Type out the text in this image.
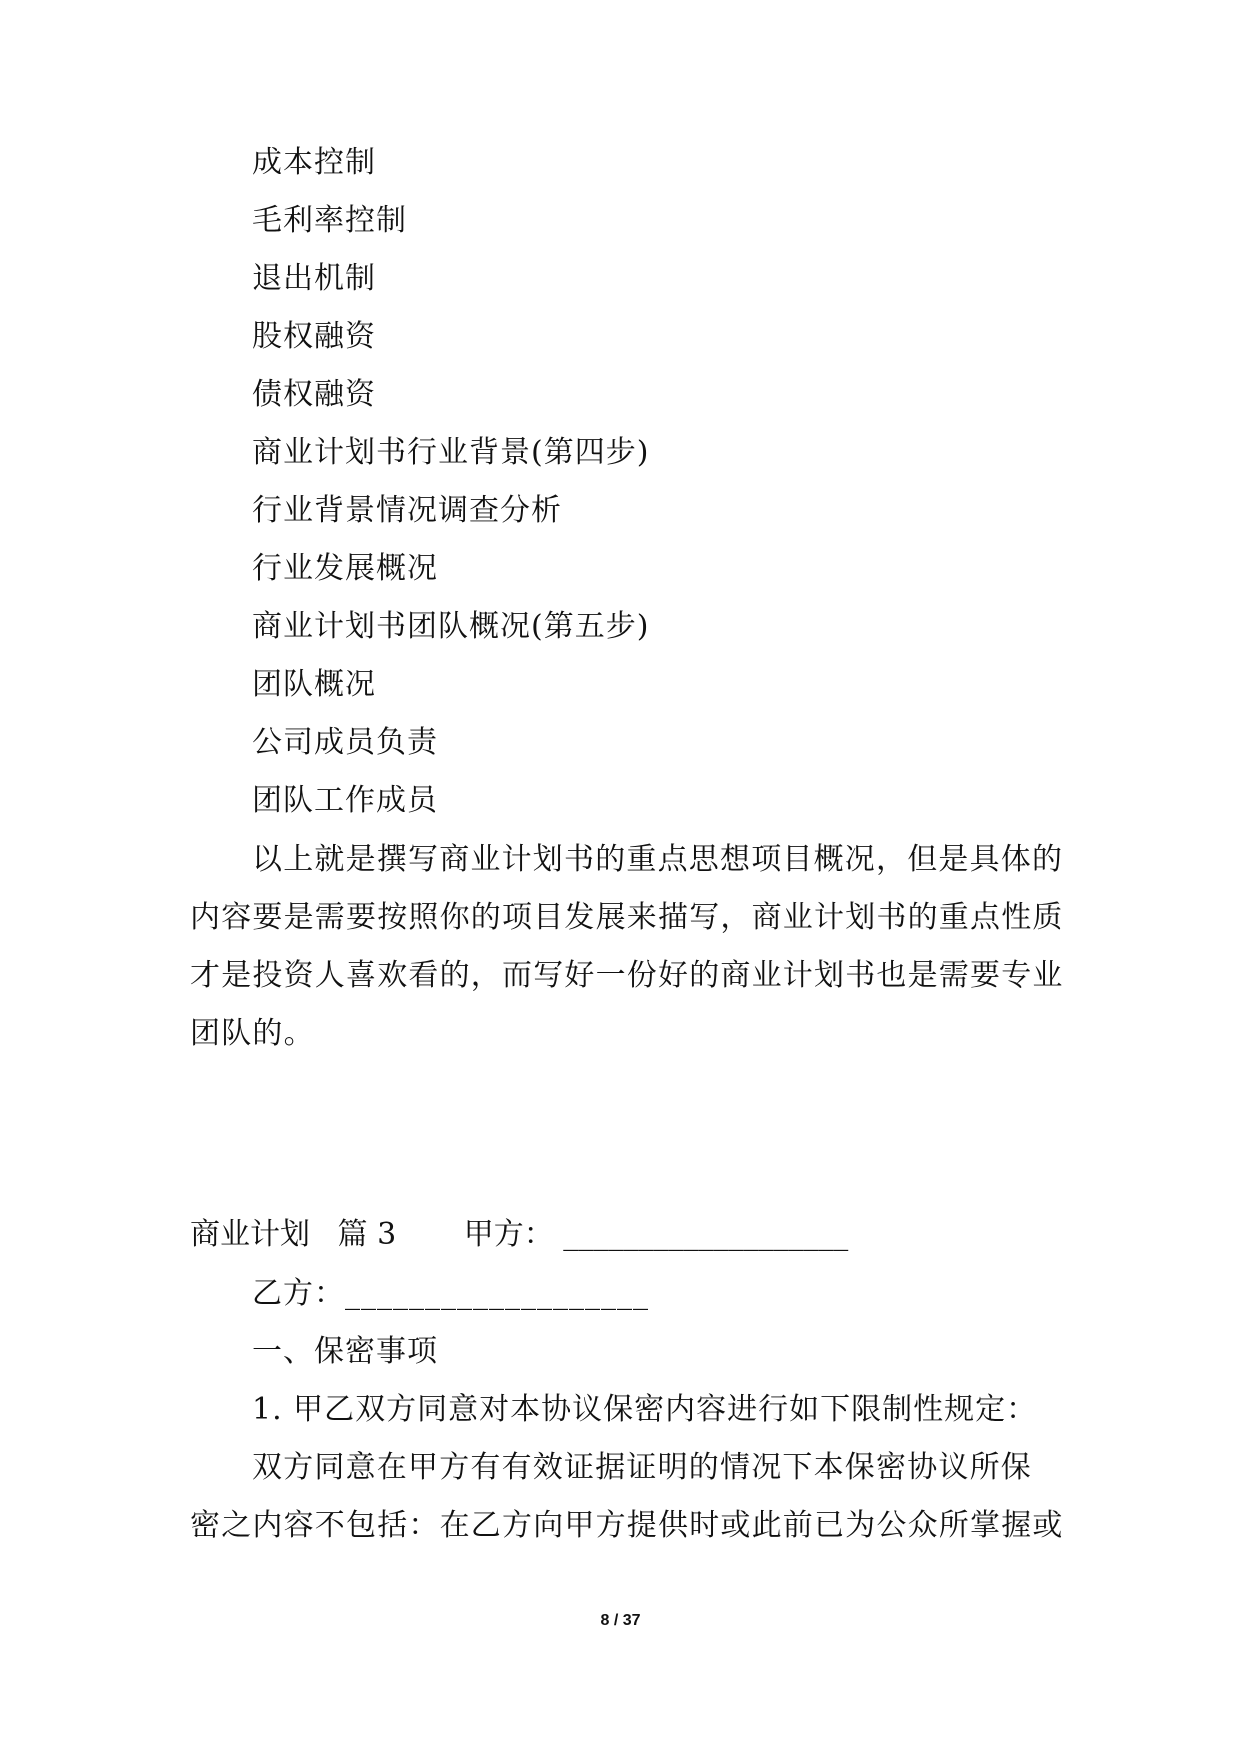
成本控制
毛利率控制
退出机制
股权融资
债权融资
商业计划书行业背景(第四步)
行业背景情况调查分析
行业发展概况
商业计划书团队概况(第五步)
团队概况
公司成员负责
团队工作成员
以上就是撰写商业计划书的重点思想项目概况，但是具体的
内容要是需要按照你的项目发展来描写，商业计划书的重点性质
才是投资人喜欢看的，而写好一份好的商业计划书也是需要专业
团队的。
商业计划 篇 3 甲方： ___________________
乙方：___________________
一、保密事项
1. 甲乙双方同意对本协议保密内容进行如下限制性规定：
双方同意在甲方有有效证据证明的情况下本保密协议所保
密之内容不包括：在乙方向甲方提供时或此前已为公众所掌握或
8 / 37
